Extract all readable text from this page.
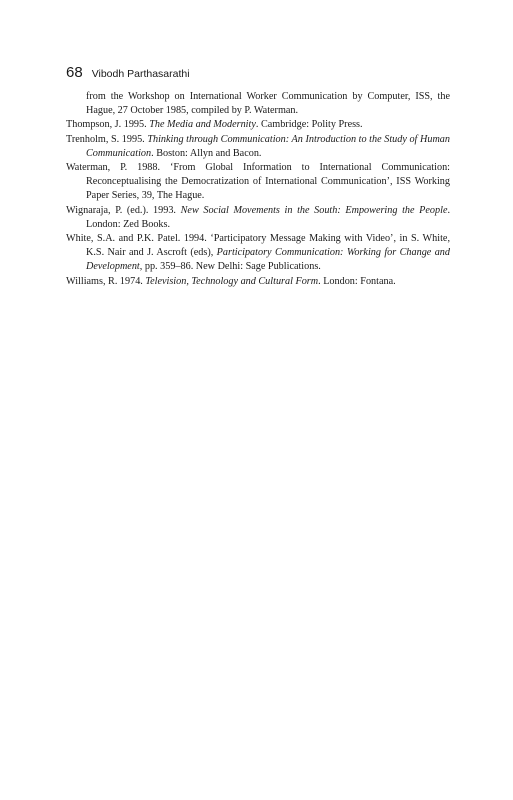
68 Vibodh Parthasarathi

from the Workshop on International Worker Communication by Computer, ISS, the Hague, 27 October 1985, compiled by P. Waterman.

Thompson, J. 1995. The Media and Modernity. Cambridge: Polity Press.

Trenholm, S. 1995. Thinking through Communication: An Introduction to the Study of Human Communication. Boston: Allyn and Bacon.

Waterman, P. 1988. ‘From Global Information to International Communication: Reconceptualising the Democratization of International Communication’, ISS Working Paper Series, 39, The Hague.

Wignaraja, P. (ed.). 1993. New Social Movements in the South: Empowering the People. London: Zed Books.

White, S.A. and P.K. Patel. 1994. ‘Participatory Message Making with Video’, in S. White, K.S. Nair and J. Ascroft (eds), Participatory Communication: Working for Change and Development, pp. 359–86. New Delhi: Sage Publications.

Williams, R. 1974. Television, Technology and Cultural Form. London: Fontana.
